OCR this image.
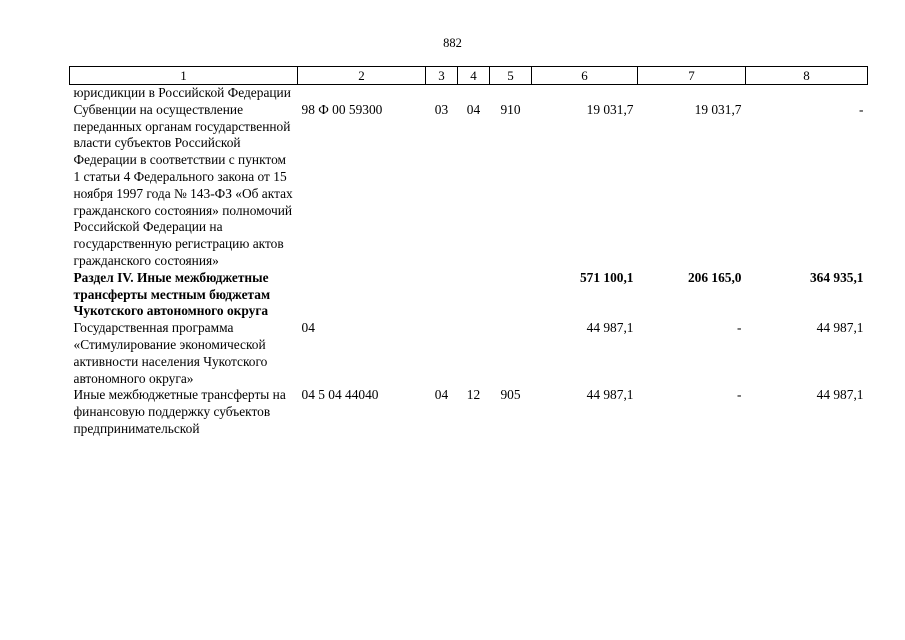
882
1	2	3	4	5	6	7	8
юрисдикции в Российской Федерации							
Субвенции на осуществление переданных органам государственной власти субъектов Российской Федерации в соответствии с пунктом 1 статьи 4 Федерального закона от 15 ноября 1997 года № 143-ФЗ «Об актах гражданского состояния» полномочий Российской Федерации на государственную регистрацию актов гражданского состояния»	98 Ф 00 59300	03	04	910	19 031,7	19 031,7	-
Раздел IV. Иные межбюджетные трансферты местным бюджетам Чукотского автономного округа					571 100,1	206 165,0	364 935,1
Государственная программа «Стимулирование экономической активности населения Чукотского автономного округа»	04				44 987,1	-	44 987,1
Иные межбюджетные трансферты на финансовую поддержку субъектов предпринимательской	04 5 04 44040	04	12	905	44 987,1	-	44 987,1
